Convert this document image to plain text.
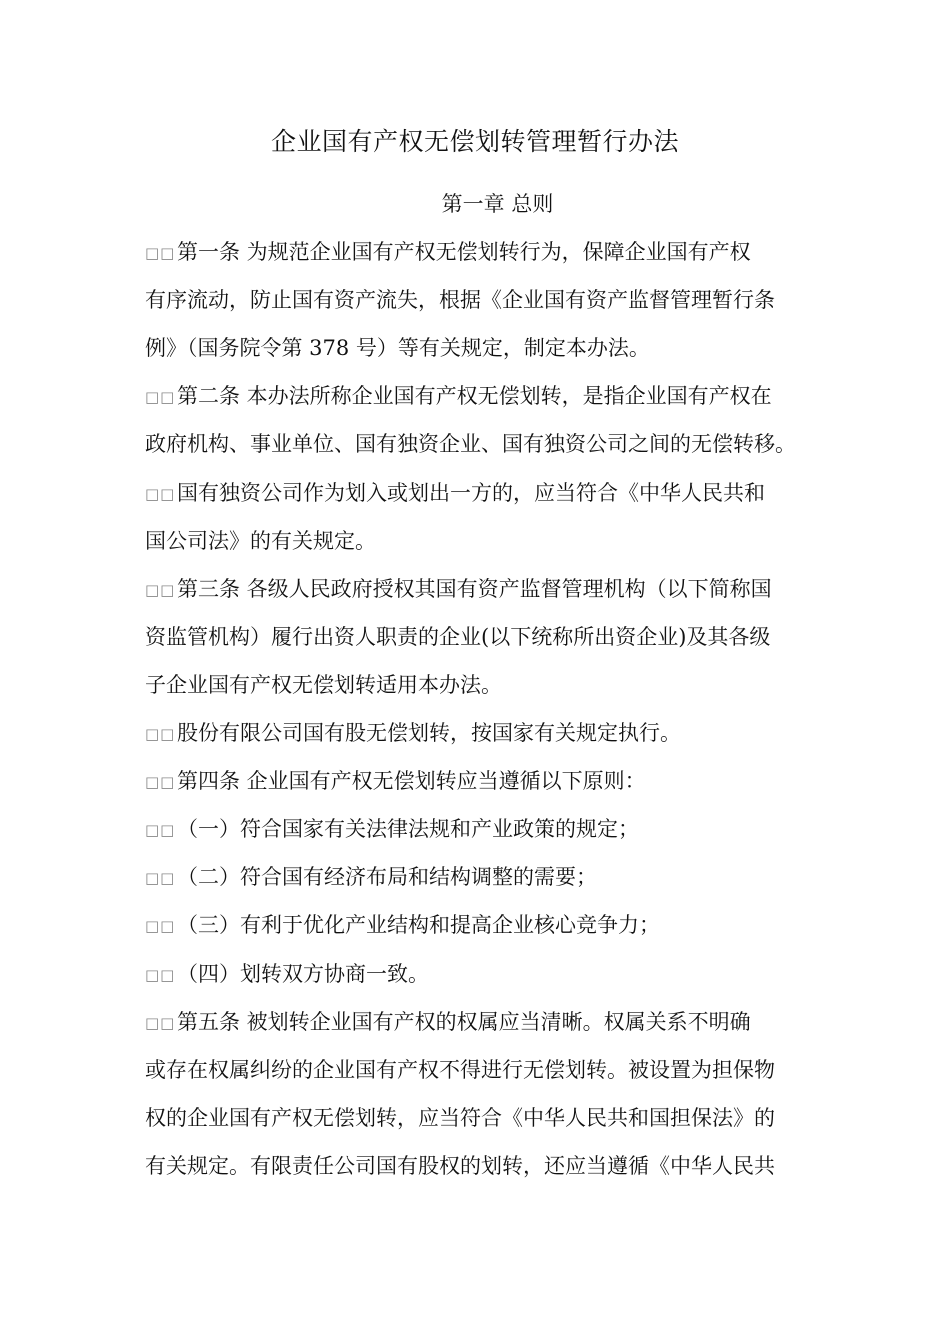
企业国有产权无偿划转管理暂行办法
第一章 总则
□□第一条 为规范企业国有产权无偿划转行为，保障企业国有产权
有序流动，防止国有资产流失，根据《企业国有资产监督管理暂行条
例》（国务院令第 378 号）等有关规定，制定本办法。
□□第二条 本办法所称企业国有产权无偿划转，是指企业国有产权在
政府机构、事业单位、国有独资企业、国有独资公司之间的无偿转移。
□□国有独资公司作为划入或划出一方的，应当符合《中华人民共和
国公司法》的有关规定。
□□第三条 各级人民政府授权其国有资产监督管理机构（以下简称国
资监管机构）履行出资人职责的企业(以下统称所出资企业)及其各级
子企业国有产权无偿划转适用本办法。
□□股份有限公司国有股无偿划转，按国家有关规定执行。
□□第四条 企业国有产权无偿划转应当遵循以下原则：
□□（一）符合国家有关法律法规和产业政策的规定；
□□（二）符合国有经济布局和结构调整的需要；
□□（三）有利于优化产业结构和提高企业核心竞争力；
□□（四）划转双方协商一致。
□□第五条 被划转企业国有产权的权属应当清晰。权属关系不明确
或存在权属纠纷的企业国有产权不得进行无偿划转。被设置为担保物
权的企业国有产权无偿划转，应当符合《中华人民共和国担保法》的
有关规定。有限责任公司国有股权的划转，还应当遵循《中华人民共
